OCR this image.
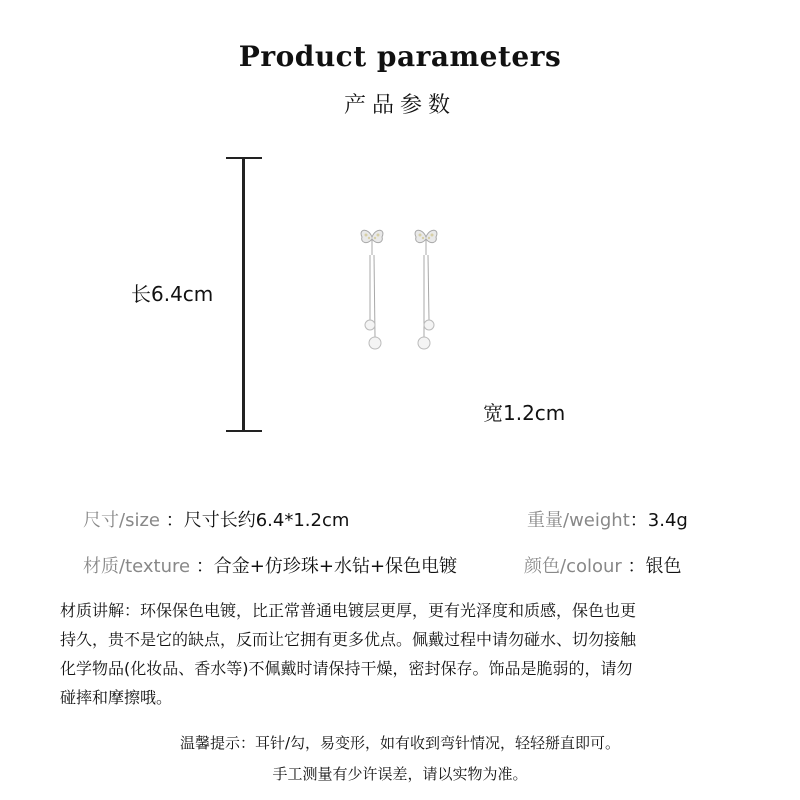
Product parameters
产品参数
长6.4cm
宽1.2cm
尺寸/size ：尺寸长约6.4*1.2cm	重量/weight：3.4g
材质/texture ：合金+仿珍珠+水钻+保色电镀	颜色/colour ：银色
材质讲解：环保保色电镀，比正常普通电镀层更厚，更有光泽度和质感，保色也更
持久，贵不是它的缺点，反而让它拥有更多优点。佩戴过程中请勿碰水、切勿接触
化学物品(化妆品、香水等)不佩戴时请保持干燥，密封保存。饰品是脆弱的，请勿
碰摔和摩擦哦。
温馨提示：耳针/勾，易变形，如有收到弯针情况，轻轻掰直即可。
手工测量有少许误差，请以实物为准。
